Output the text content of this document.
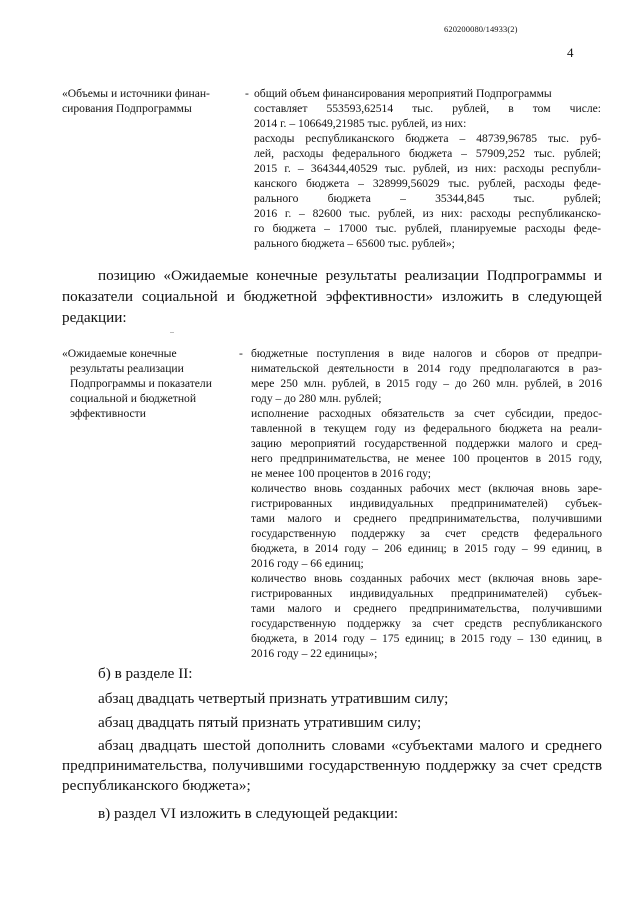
620200080/14933(2)
4
«Объемы и источники финан-сирования Подпрограммы
- общий объем финансирования мероприятий Подпрограммы
составляет 553593,62514 тыс. рублей, в том числе:
2014 г. – 106649,21985 тыс. рублей, из них:
расходы республиканского бюджета – 48739,96785 тыс. руб-
лей, расходы федерального бюджета – 57909,252 тыс. рублей;
2015 г. – 364344,40529 тыс. рублей, из них: расходы республи-
канского бюджета – 328999,56029 тыс. рублей, расходы феде-
рального бюджета – 35344,845 тыс. рублей;
2016 г. – 82600 тыс. рублей, из них: расходы республиканско-
го бюджета – 17000 тыс. рублей, планируемые расходы феде-
рального бюджета – 65600 тыс. рублей»;
позицию «Ожидаемые конечные результаты реализации Подпрограммы и показатели социальной и бюджетной эффективности» изложить в следующей редакции:
«Ожидаемые конечные
результаты реализации
Подпрограммы и показатели
социальной и бюджетной
эффективности
- бюджетные поступления в виде налогов и сборов от предпри-
нимательской деятельности в 2014 году предполагаются в раз-
мере 250 млн. рублей, в 2015 году – до 260 млн. рублей, в 2016
году – до 280 млн. рублей;
исполнение расходных обязательств за счет субсидии, предос-
тавленной в текущем году из федерального бюджета на реали-
зацию мероприятий государственной поддержки малого и сред-
него предпринимательства, не менее 100 процентов в 2015 году,
не менее 100 процентов в 2016 году;
количество вновь созданных рабочих мест (включая вновь заре-
гистрированных индивидуальных предпринимателей) субъек-
тами малого и среднего предпринимательства, получившими
государственную поддержку за счет средств федерального
бюджета, в 2014 году – 206 единиц; в 2015 году – 99 единиц, в
2016 году – 66 единиц;
количество вновь созданных рабочих мест (включая вновь заре-
гистрированных индивидуальных предпринимателей) субъек-
тами малого и среднего предпринимательства, получившими
государственную поддержку за счет средств республиканского
бюджета, в 2014 году – 175 единиц; в 2015 году – 130 единиц, в
2016 году – 22 единицы»;
б) в разделе II:
абзац двадцать четвертый признать утратившим силу;
абзац двадцать пятый признать утратившим силу;
абзац двадцать шестой дополнить словами «субъектами малого и среднего предпринимательства, получившими государственную поддержку за счет средств республиканского бюджета»;
в) раздел VI изложить в следующей редакции:
